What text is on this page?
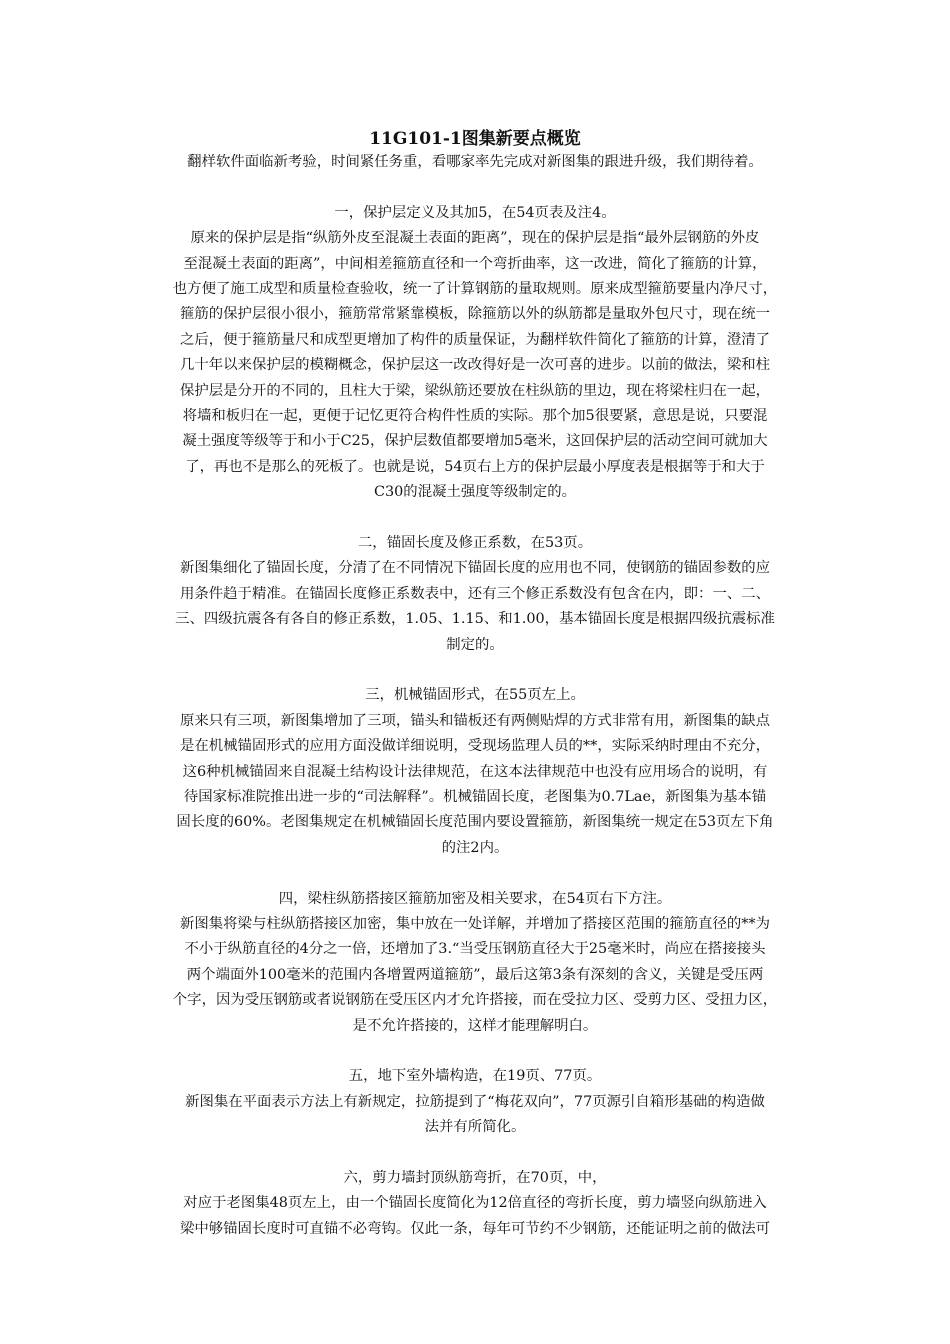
11G101-1图集新要点概览
翻样软件面临新考验，时间紧任务重，看哪家率先完成对新图集的跟进升级，我们期待着。
一，保护层定义及其加5，在54页表及注4。
原来的保护层是指“纵筋外皮至混凝土表面的距离”，现在的保护层是指“最外层钢筋的外皮
至混凝土表面的距离”，中间相差箍筋直径和一个弯折曲率，这一改进，简化了箍筋的计算，
也方便了施工成型和质量检查验收，统一了计算钢筋的量取规则。原来成型箍筋要量内净尺寸，
箍筋的保护层很小很小，箍筋常常紧靠模板，除箍筋以外的纵筋都是量取外包尺寸，现在统一
之后，便于箍筋量尺和成型更增加了构件的质量保证，为翻样软件简化了箍筋的计算，澄清了
几十年以来保护层的模糊概念，保护层这一改改得好是一次可喜的进步。以前的做法，梁和柱
保护层是分开的不同的，且柱大于梁，梁纵筋还要放在柱纵筋的里边，现在将梁柱归在一起，
将墙和板归在一起，更便于记忆更符合构件性质的实际。那个加5很要紧，意思是说，只要混
凝土强度等级等于和小于C25，保护层数值都要增加5毫米，这回保护层的活动空间可就加大
了，再也不是那么的死板了。也就是说，54页右上方的保护层最小厚度表是根据等于和大于
C30的混凝土强度等级制定的。
二，锚固长度及修正系数，在53页。
新图集细化了锚固长度，分清了在不同情况下锚固长度的应用也不同，使钢筋的锚固参数的应
用条件趋于精准。在锚固长度修正系数表中，还有三个修正系数没有包含在内，即：一、二、
三、四级抗震各有各自的修正系数，1.05、1.15、和1.00，基本锚固长度是根据四级抗震标准
制定的。
三，机械锚固形式，在55页左上。
原来只有三项，新图集增加了三项，锚头和锚板还有两侧贴焊的方式非常有用，新图集的缺点
是在机械锚固形式的应用方面没做详细说明，受现场监理人员的**，实际采纳时理由不充分，
这6种机械锚固来自混凝土结构设计法律规范，在这本法律规范中也没有应用场合的说明，有
待国家标准院推出进一步的“司法解释”。机械锚固长度，老图集为0.7Lae，新图集为基本锚
固长度的60%。老图集规定在机械锚固长度范围内要设置箍筋，新图集统一规定在53页左下角
的注2内。
四，梁柱纵筋搭接区箍筋加密及相关要求，在54页右下方注。
新图集将梁与柱纵筋搭接区加密，集中放在一处详解，并增加了搭接区范围的箍筋直径的**为
不小于纵筋直径的4分之一倍，还增加了3.“当受压钢筋直径大于25毫米时，尚应在搭接接头
两个端面外100毫米的范围内各增置两道箍筋”，最后这第3条有深刻的含义，关键是受压两
个字，因为受压钢筋或者说钢筋在受压区内才允许搭接，而在受拉力区、受剪力区、受扭力区，
是不允许搭接的，这样才能理解明白。
五，地下室外墙构造，在19页、77页。
新图集在平面表示方法上有新规定，拉筋提到了“梅花双向”，77页源引自箱形基础的构造做
法并有所简化。
六，剪力墙封顶纵筋弯折，在70页，中，
对应于老图集48页左上，由一个锚固长度简化为12倍直径的弯折长度，剪力墙竖向纵筋进入
梁中够锚固长度时可直锚不必弯钩。仅此一条，每年可节约不少钢筋，还能证明之前的做法可
